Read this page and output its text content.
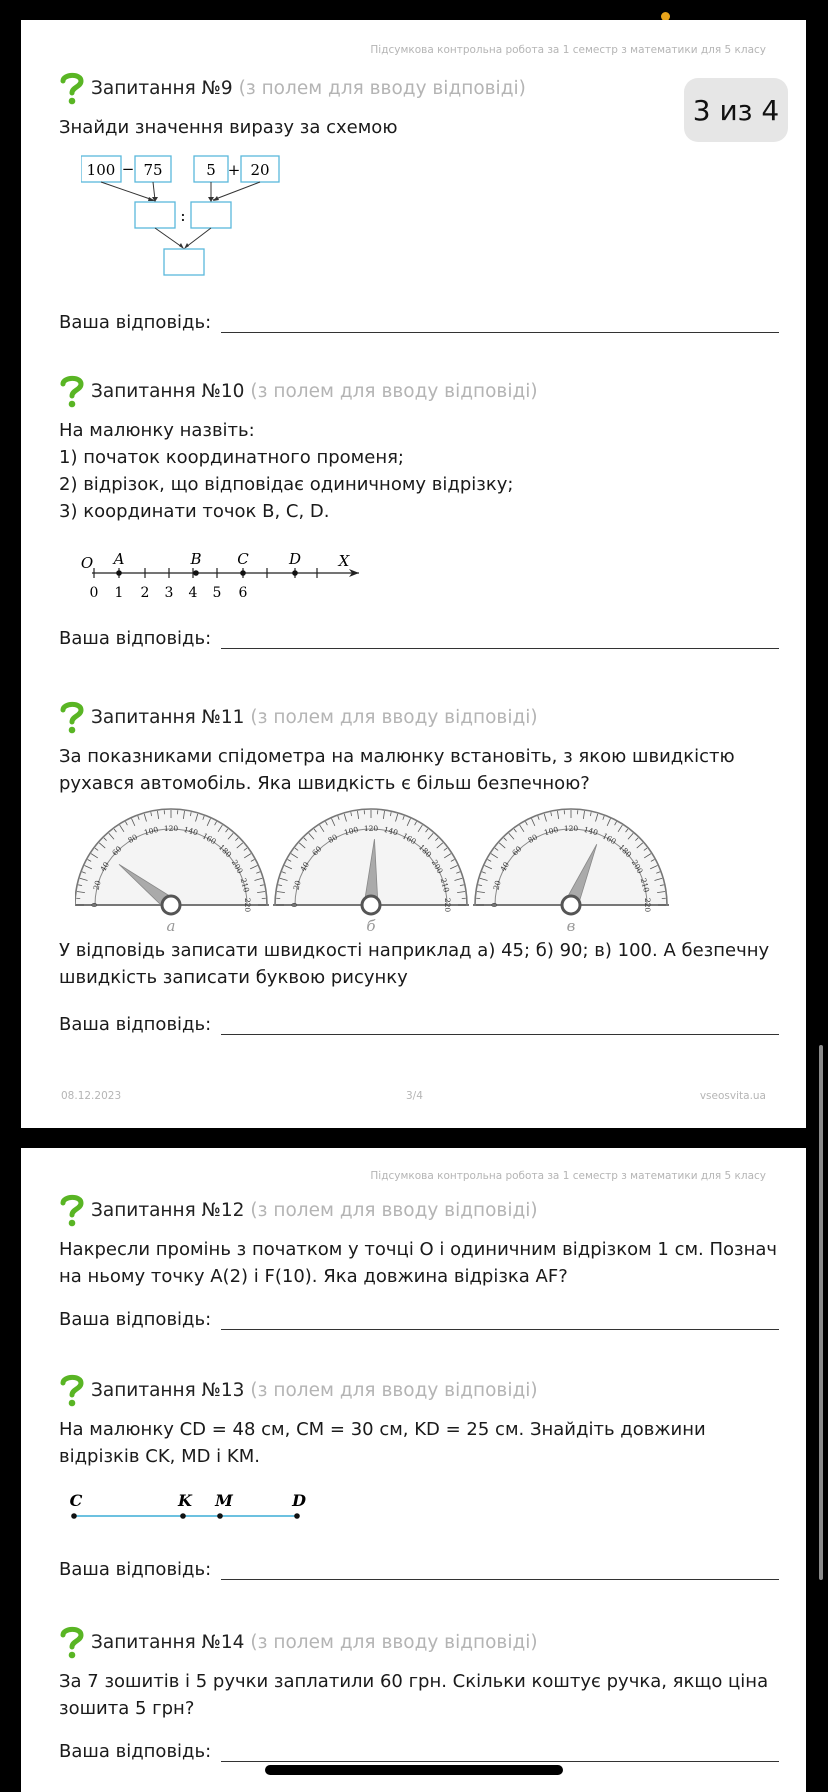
Підсумкова контрольна робота за 1 семестр з математики для 5 класу
3 из 4
Запитання №9 (з полем для вводу відповіді)
Знайди значення виразу за схемою
100 − 75	5 + 20
:
Ваша відповідь:
Запитання №10 (з полем для вводу відповіді)
На малюнку назвіть:
1) початок координатного променя;
2) відрізок, що відповідає одиничному відрізку;
3) координати точок B, C, D.
O A	B C	D	X
0 1 2 3 4 5 6
Ваша відповідь:
Запитання №11 (з полем для вводу відповіді)
За показниками спідометра на малюнку встановіть, з якою швидкістю рухався автомобіль. Яка швидкість є більш безпечною?
0
20
40
60
80
100 120 140
160
180
200
210
220
а
0
20
40
60
80
100 120 140
160
180
200
210
220
б
0
20
40
60
80
100 120 140
160
180
200
210
220
в
У відповідь записати швидкості наприклад а) 45; б) 90; в) 100. А безпечну швидкість записати буквою рисунку
Ваша відповідь:
08.12.2023	3/4	vseosvita.ua
Підсумкова контрольна робота за 1 семестр з математики для 5 класу
Запитання №12 (з полем для вводу відповіді)
Накресли промінь з початком у точці О і одиничним відрізком 1 см. Познач на ньому точку А(2) і F(10). Яка довжина відрізка AF?
Ваша відповідь:
Запитання №13 (з полем для вводу відповіді)
На малюнку CD = 48 см, CM = 30 см, KD = 25 см. Знайдіть довжини відрізків CK, MD і KM.
C	K M	D
Ваша відповідь:
Запитання №14 (з полем для вводу відповіді)
За 7 зошитів і 5 ручки заплатили 60 грн. Скільки коштує ручка, якщо ціна зошита 5 грн?
Ваша відповідь:
